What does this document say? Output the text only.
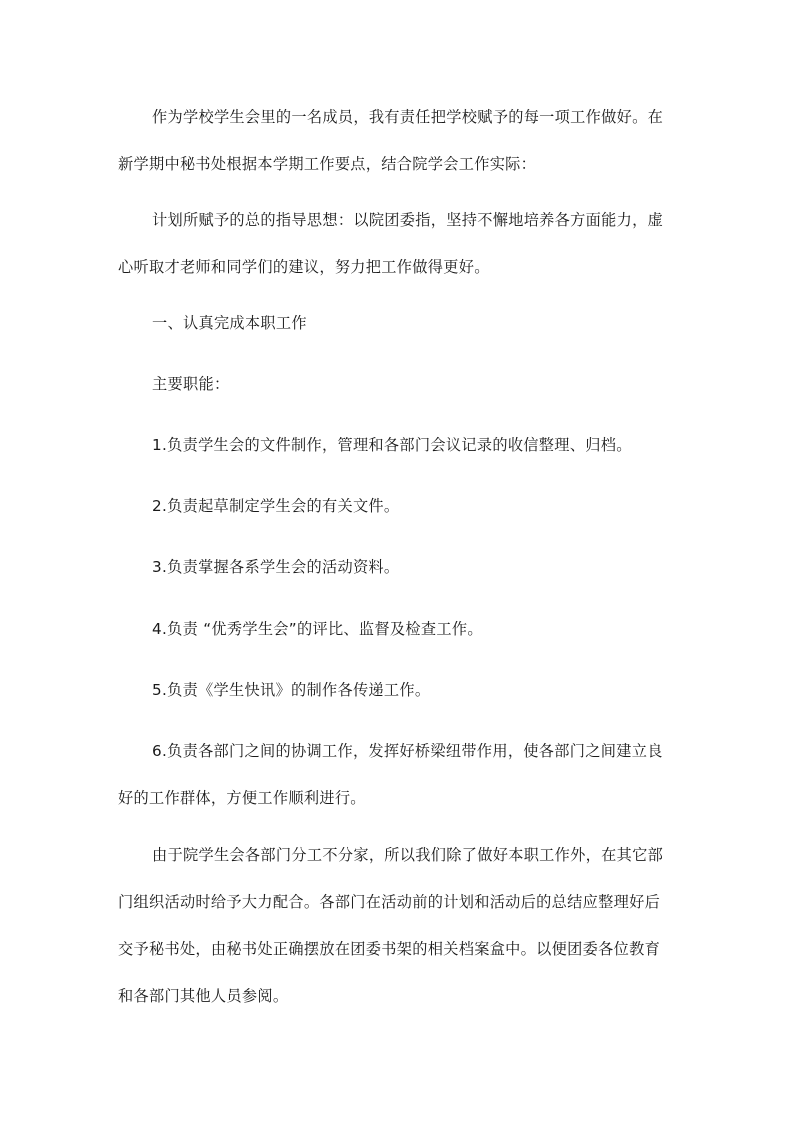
作为学校学生会里的一名成员，我有责任把学校赋予的每一项工作做好。在
新学期中秘书处根据本学期工作要点，结合院学会工作实际：

计划所赋予的总的指导思想：以院团委指，坚持不懈地培养各方面能力，虚
心听取才老师和同学们的建议，努力把工作做得更好。

一、认真完成本职工作

主要职能：

1.负责学生会的文件制作，管理和各部门会议记录的收信整理、归档。

2.负责起草制定学生会的有关文件。

3.负责掌握各系学生会的活动资料。

4.负责 “优秀学生会”的评比、监督及检查工作。

5.负责《学生快讯》的制作各传递工作。

6.负责各部门之间的协调工作，发挥好桥梁纽带作用，使各部门之间建立良
好的工作群体，方便工作顺利进行。

由于院学生会各部门分工不分家，所以我们除了做好本职工作外，在其它部
门组织活动时给予大力配合。各部门在活动前的计划和活动后的总结应整理好后
交予秘书处，由秘书处正确摆放在团委书架的相关档案盒中。以便团委各位教育
和各部门其他人员参阅。
